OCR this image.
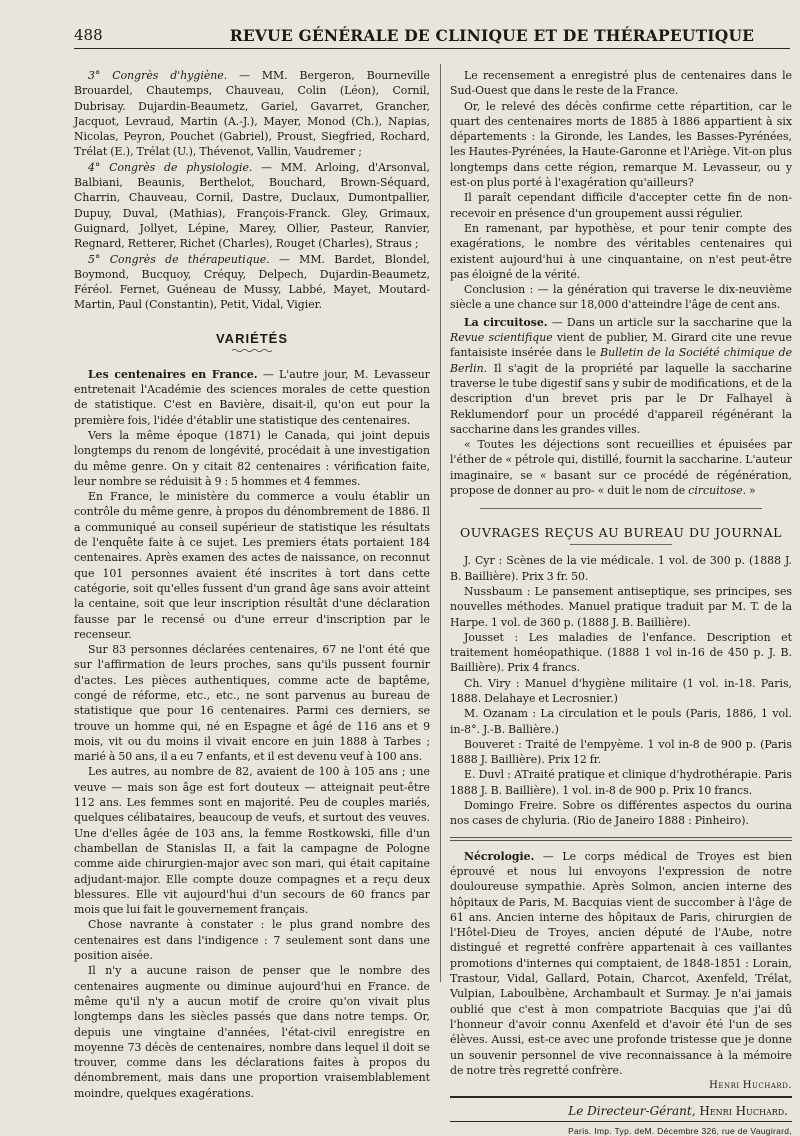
488	REVUE GÉNÉRALE DE CLINIQUE ET DE THÉRAPEUTIQUE

3° Congrès d'hygiène. — MM. Bergeron, Bourneville Brouardel, Chautemps, Chauveau, Colin (Léon), Cornil, Dubrisay. Dujardin-Beaumetz, Gariel, Gavarret, Grancher, Jacquot, Levraud, Martin (A.-J.), Mayer, Monod (Ch.), Napias, Nicolas, Peyron, Pouchet (Gabriel), Proust, Siegfried, Rochard, Trélat (E.), Trélat (U.), Thévenot, Vallin, Vaudremer ;

4° Congrès de physiologie. — MM. Arloing, d'Arsonval, Balbiani, Beaunis, Berthelot, Bouchard, Brown-Séquard, Charrin, Chauveau, Cornil, Dastre, Duclaux, Dumontpallier, Dupuy, Duval, (Mathias), François-Franck. Gley, Grimaux, Guignard, Jollyet, Lépine, Marey, Ollier, Pasteur, Ranvier, Regnard, Retterer, Richet (Charles), Rouget (Charles), Straus ;

5° Congrès de thérapeutique. — MM. Bardet, Blondel, Boymond, Bucquoy, Créquy, Delpech, Dujardin-Beaumetz, Féréol. Fernet, Guéneau de Mussy, Labbé, Mayet, Moutard-Martin, Paul (Constantin), Petit, Vidal, Vigier.

VARIÉTÉS

Les centenaires en France. — L'autre jour, M. Levasseur entretenait l'Académie des sciences morales de cette question de statistique. C'est en Bavière, disait-il, qu'on eut pour la première fois, l'idée d'établir une statistique des centenaires.

Vers la même époque (1871) le Canada, qui joint depuis longtemps du renom de longévité, procédait à une investigation du même genre. On y citait 82 centenaires : vérification faite, leur nombre se réduisit à 9 : 5 hommes et 4 femmes.

En France, le ministère du commerce a voulu établir un contrôle du même genre, à propos du dénombrement de 1886. Il a communiqué au conseil supérieur de statistique les résultats de l'enquête faite à ce sujet. Les premiers états portaient 184 centenaires. Après examen des actes de naissance, on reconnut que 101 personnes avaient été inscrites à tort dans cette catégorie, soit qu'elles fussent d'un grand âge sans avoir atteint la centaine, soit que leur inscription résultât d'une déclaration fausse par le recensé ou d'une erreur d'inscription par le recenseur.

Sur 83 personnes déclarées centenaires, 67 ne l'ont été que sur l'affirmation de leurs proches, sans qu'ils pussent fournir d'actes. Les pièces authentiques, comme acte de baptême, congé de réforme, etc., etc., ne sont parvenus au bureau de statistique que pour 16 centenaires. Parmi ces derniers, se trouve un homme qui, né en Espagne et âgé de 116 ans et 9 mois, vit ou du moins il vivait encore en juin 1888 à Tarbes ; marié à 50 ans, il a eu 7 enfants, et il est devenu veuf à 100 ans.

Les autres, au nombre de 82, avaient de 100 à 105 ans ; une veuve — mais son âge est fort douteux — atteignait peut-être 112 ans. Les femmes sont en majorité. Peu de couples mariés, quelques célibataires, beaucoup de veufs, et surtout des veuves. Une d'elles âgée de 103 ans, la femme Rostkowski, fille d'un chambellan de Stanislas II, a fait la campagne de Pologne comme aide chirurgien-major avec son mari, qui était capitaine adjudant-major. Elle compte douze compagnes et a reçu deux blessures. Elle vit aujourd'hui d'un secours de 60 francs par mois que lui fait le gouvernement français.

Chose navrante à constater : le plus grand nombre des centenaires est dans l'indigence : 7 seulement sont dans une position aisée.

Il n'y a aucune raison de penser que le nombre des centenaires augmente ou diminue aujourd'hui en France. de même qu'il n'y a aucun motif de croire qu'on vivait plus longtemps dans les siècles passés que dans notre temps. Or, depuis une vingtaine d'années, l'état-civil enregistre en moyenne 73 décès de centenaires, nombre dans lequel il doit se trouver, comme dans les déclarations faites à propos du dénombrement, mais dans une proportion vraisemblablement moindre, quelques exagérations.

Le recensement a enregistré plus de centenaires dans le Sud-Ouest que dans le reste de la France.

Or, le relevé des décès confirme cette répartition, car le quart des centenaires morts de 1885 à 1886 appartient à six départements : la Gironde, les Landes, les Basses-Pyrénées, les Hautes-Pyrénées, la Haute-Garonne et l'Ariège. Vit-on plus longtemps dans cette région, remarque M. Levasseur, ou y est-on plus porté à l'exagération qu'ailleurs?

Il paraît cependant difficile d'accepter cette fin de non-recevoir en présence d'un groupement aussi régulier.

En ramenant, par hypothèse, et pour tenir compte des exagérations, le nombre des véritables centenaires qui existent aujourd'hui à une cinquantaine, on n'est peut-être pas éloigné de la vérité.

Conclusion : — la génération qui traverse le dix-neuvième siècle a une chance sur 18,000 d'atteindre l'âge de cent ans.

La circuitose. — Dans un article sur la saccharine que la Revue scientifique vient de publier, M. Girard cite une revue fantaisiste insérée dans le Bulletin de la Société chimique de Berlin. Il s'agit de la propriété par laquelle la saccharine traverse le tube digestif sans y subir de modifications, et de la description d'un brevet pris par le Dr Falhayel à Reklumendorf pour un procédé d'appareil régénérant la saccharine dans les grandes villes.

« Toutes les déjections sont recueillies et épuisées par l'éther de « pétrole qui, distillé, fournit la saccharine. L'auteur imaginaire, se « basant sur ce procédé de régénération, propose de donner au pro- « duit le nom de circuitose. »

OUVRAGES REÇUS AU BUREAU DU JOURNAL

J. Cyr : Scènes de la vie médicale. 1 vol. de 300 p. (1888 J. B. Baillière). Prix 3 fr. 50.

Nussbaum : Le pansement antiseptique, ses principes, ses nouvelles méthodes. Manuel pratique traduit par M. T. de la Harpe. 1 vol. de 360 p. (1888 J. B. Baillière).

Jousset : Les maladies de l'enfance. Description et traitement homéopathique. (1888 1 vol in-16 de 450 p. J. B. Baillière). Prix 4 francs.

Ch. Viry : Manuel d'hygiène militaire (1 vol. in-18. Paris, 1888. Delahaye et Lecrosnier.)

M. Ozanam : La circulation et le pouls (Paris, 1886, 1 vol. in-8°. J.-B. Ballière.)

Bouveret : Traité de l'empyème. 1 vol in-8 de 900 p. (Paris 1888 J. Baillière). Prix 12 fr.

E. Duvl : ATraité pratique et clinique d'hydrothérapie. Paris 1888 J. B. Baillière). 1 vol. in-8 de 900 p. Prix 10 francs.

Domingo Freire. Sobre os différentes aspectos du ourina nos cases de chyluria. (Rio de Janeiro 1888 : Pinheiro).

Nécrologie. — Le corps médical de Troyes est bien éprouvé et nous lui envoyons l'expression de notre douloureuse sympathie. Après Solmon, ancien interne des hôpitaux de Paris, M. Bacquias vient de succomber à l'âge de 61 ans. Ancien interne des hôpitaux de Paris, chirurgien de l'Hôtel-Dieu de Troyes, ancien député de l'Aube, notre distingué et regretté confrère appartenait à ces vaillantes promotions d'internes qui comptaient, de 1848-1851 : Lorain, Trastour, Vidal, Gallard, Potain, Charcot, Axenfeld, Trélat, Vulpian, Laboulbène, Archambault et Surmay. Je n'ai jamais oublié que c'est à mon compatriote Bacquias que j'ai dû l'honneur d'avoir connu Axenfeld et d'avoir été l'un de ses élèves. Aussi, est-ce avec une profonde tristesse que je donne un souvenir personnel de vive reconnaissance à la mémoire de notre très regretté confrère.

Henri Huchard.

Le Directeur-Gérant, Henri Huchard.
Paris. Imp. Typ. deM. Décembre 326, rue de Vaugirard,
